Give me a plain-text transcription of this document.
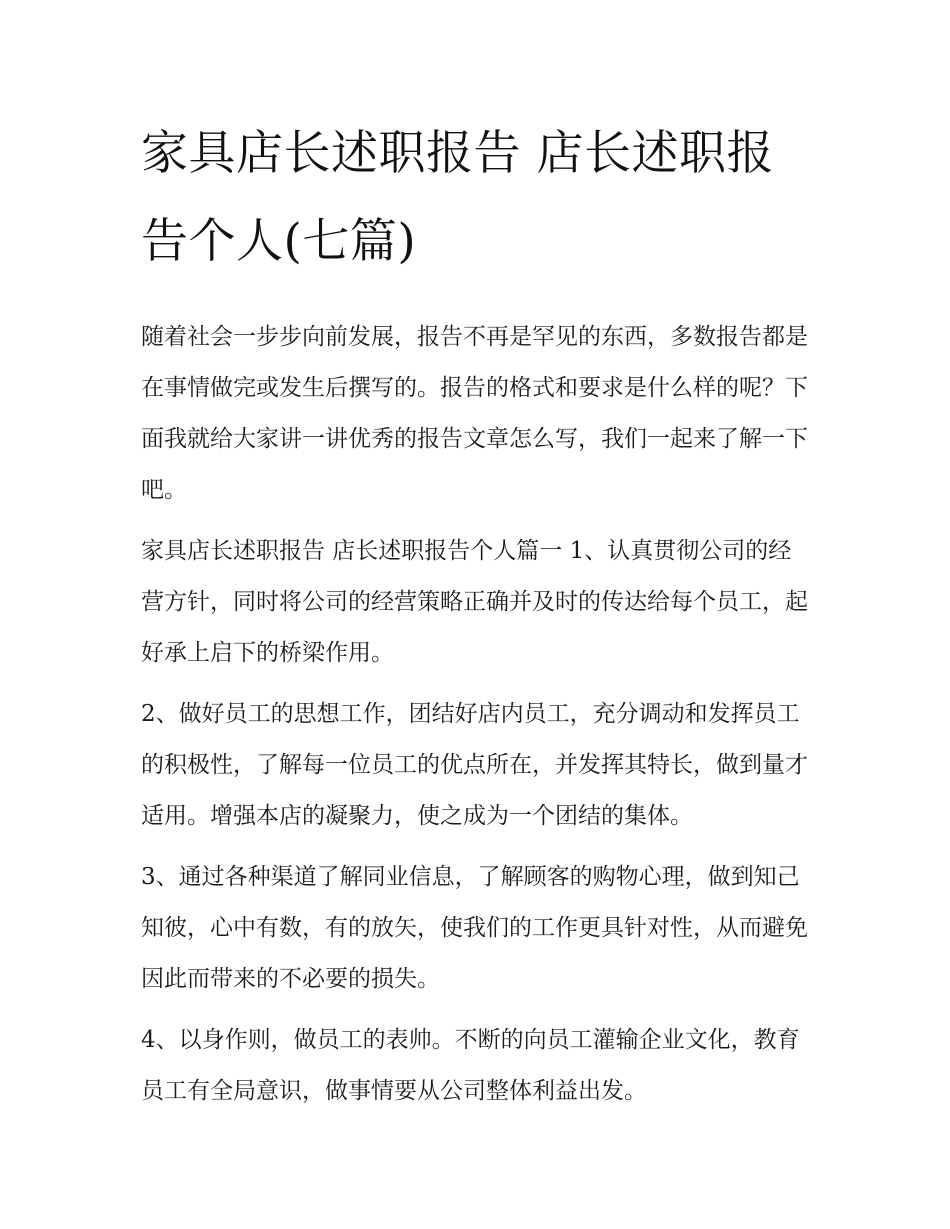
家具店长述职报告 店长述职报告个人(七篇)

随着社会一步步向前发展，报告不再是罕见的东西，多数报告都是在事情做完或发生后撰写的。报告的格式和要求是什么样的呢？下面我就给大家讲一讲优秀的报告文章怎么写，我们一起来了解一下吧。

家具店长述职报告 店长述职报告个人篇一 1、认真贯彻公司的经营方针，同时将公司的经营策略正确并及时的传达给每个员工，起好承上启下的桥梁作用。

2、做好员工的思想工作，团结好店内员工，充分调动和发挥员工的积极性，了解每一位员工的优点所在，并发挥其特长，做到量才适用。增强本店的凝聚力，使之成为一个团结的集体。

3、通过各种渠道了解同业信息，了解顾客的购物心理，做到知己知彼，心中有数，有的放矢，使我们的工作更具针对性，从而避免因此而带来的不必要的损失。

4、以身作则，做员工的表帅。不断的向员工灌输企业文化，教育员工有全局意识，做事情要从公司整体利益出发。
